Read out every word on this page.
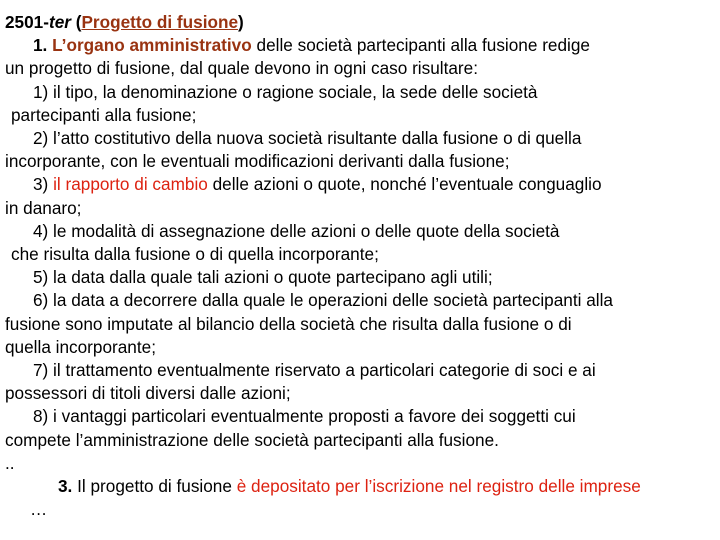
2501-ter (Progetto di fusione)
1. L’organo amministrativo delle società partecipanti alla fusione redige
un progetto di fusione, dal quale devono in ogni caso risultare:
1) il tipo, la denominazione o ragione sociale, la sede delle società
partecipanti alla fusione;
2) l’atto costitutivo della nuova società risultante dalla fusione o di quella
incorporante, con le eventuali modificazioni derivanti dalla fusione;
3) il rapporto di cambio delle azioni o quote, nonché l’eventuale conguaglio
in danaro;
4) le modalità di assegnazione delle azioni o delle quote della società
che risulta dalla fusione o di quella incorporante;
5) la data dalla quale tali azioni o quote partecipano agli utili;
6) la data a decorrere dalla quale le operazioni delle società partecipanti alla
fusione sono imputate al bilancio della società che risulta dalla fusione o di
quella incorporante;
7) il trattamento eventualmente riservato a particolari categorie di soci e ai
possessori di titoli diversi dalle azioni;
8) i vantaggi particolari eventualmente proposti a favore dei soggetti cui
compete l’amministrazione delle società partecipanti alla fusione.
..
3. Il progetto di fusione è depositato per l’iscrizione nel registro delle imprese
…
